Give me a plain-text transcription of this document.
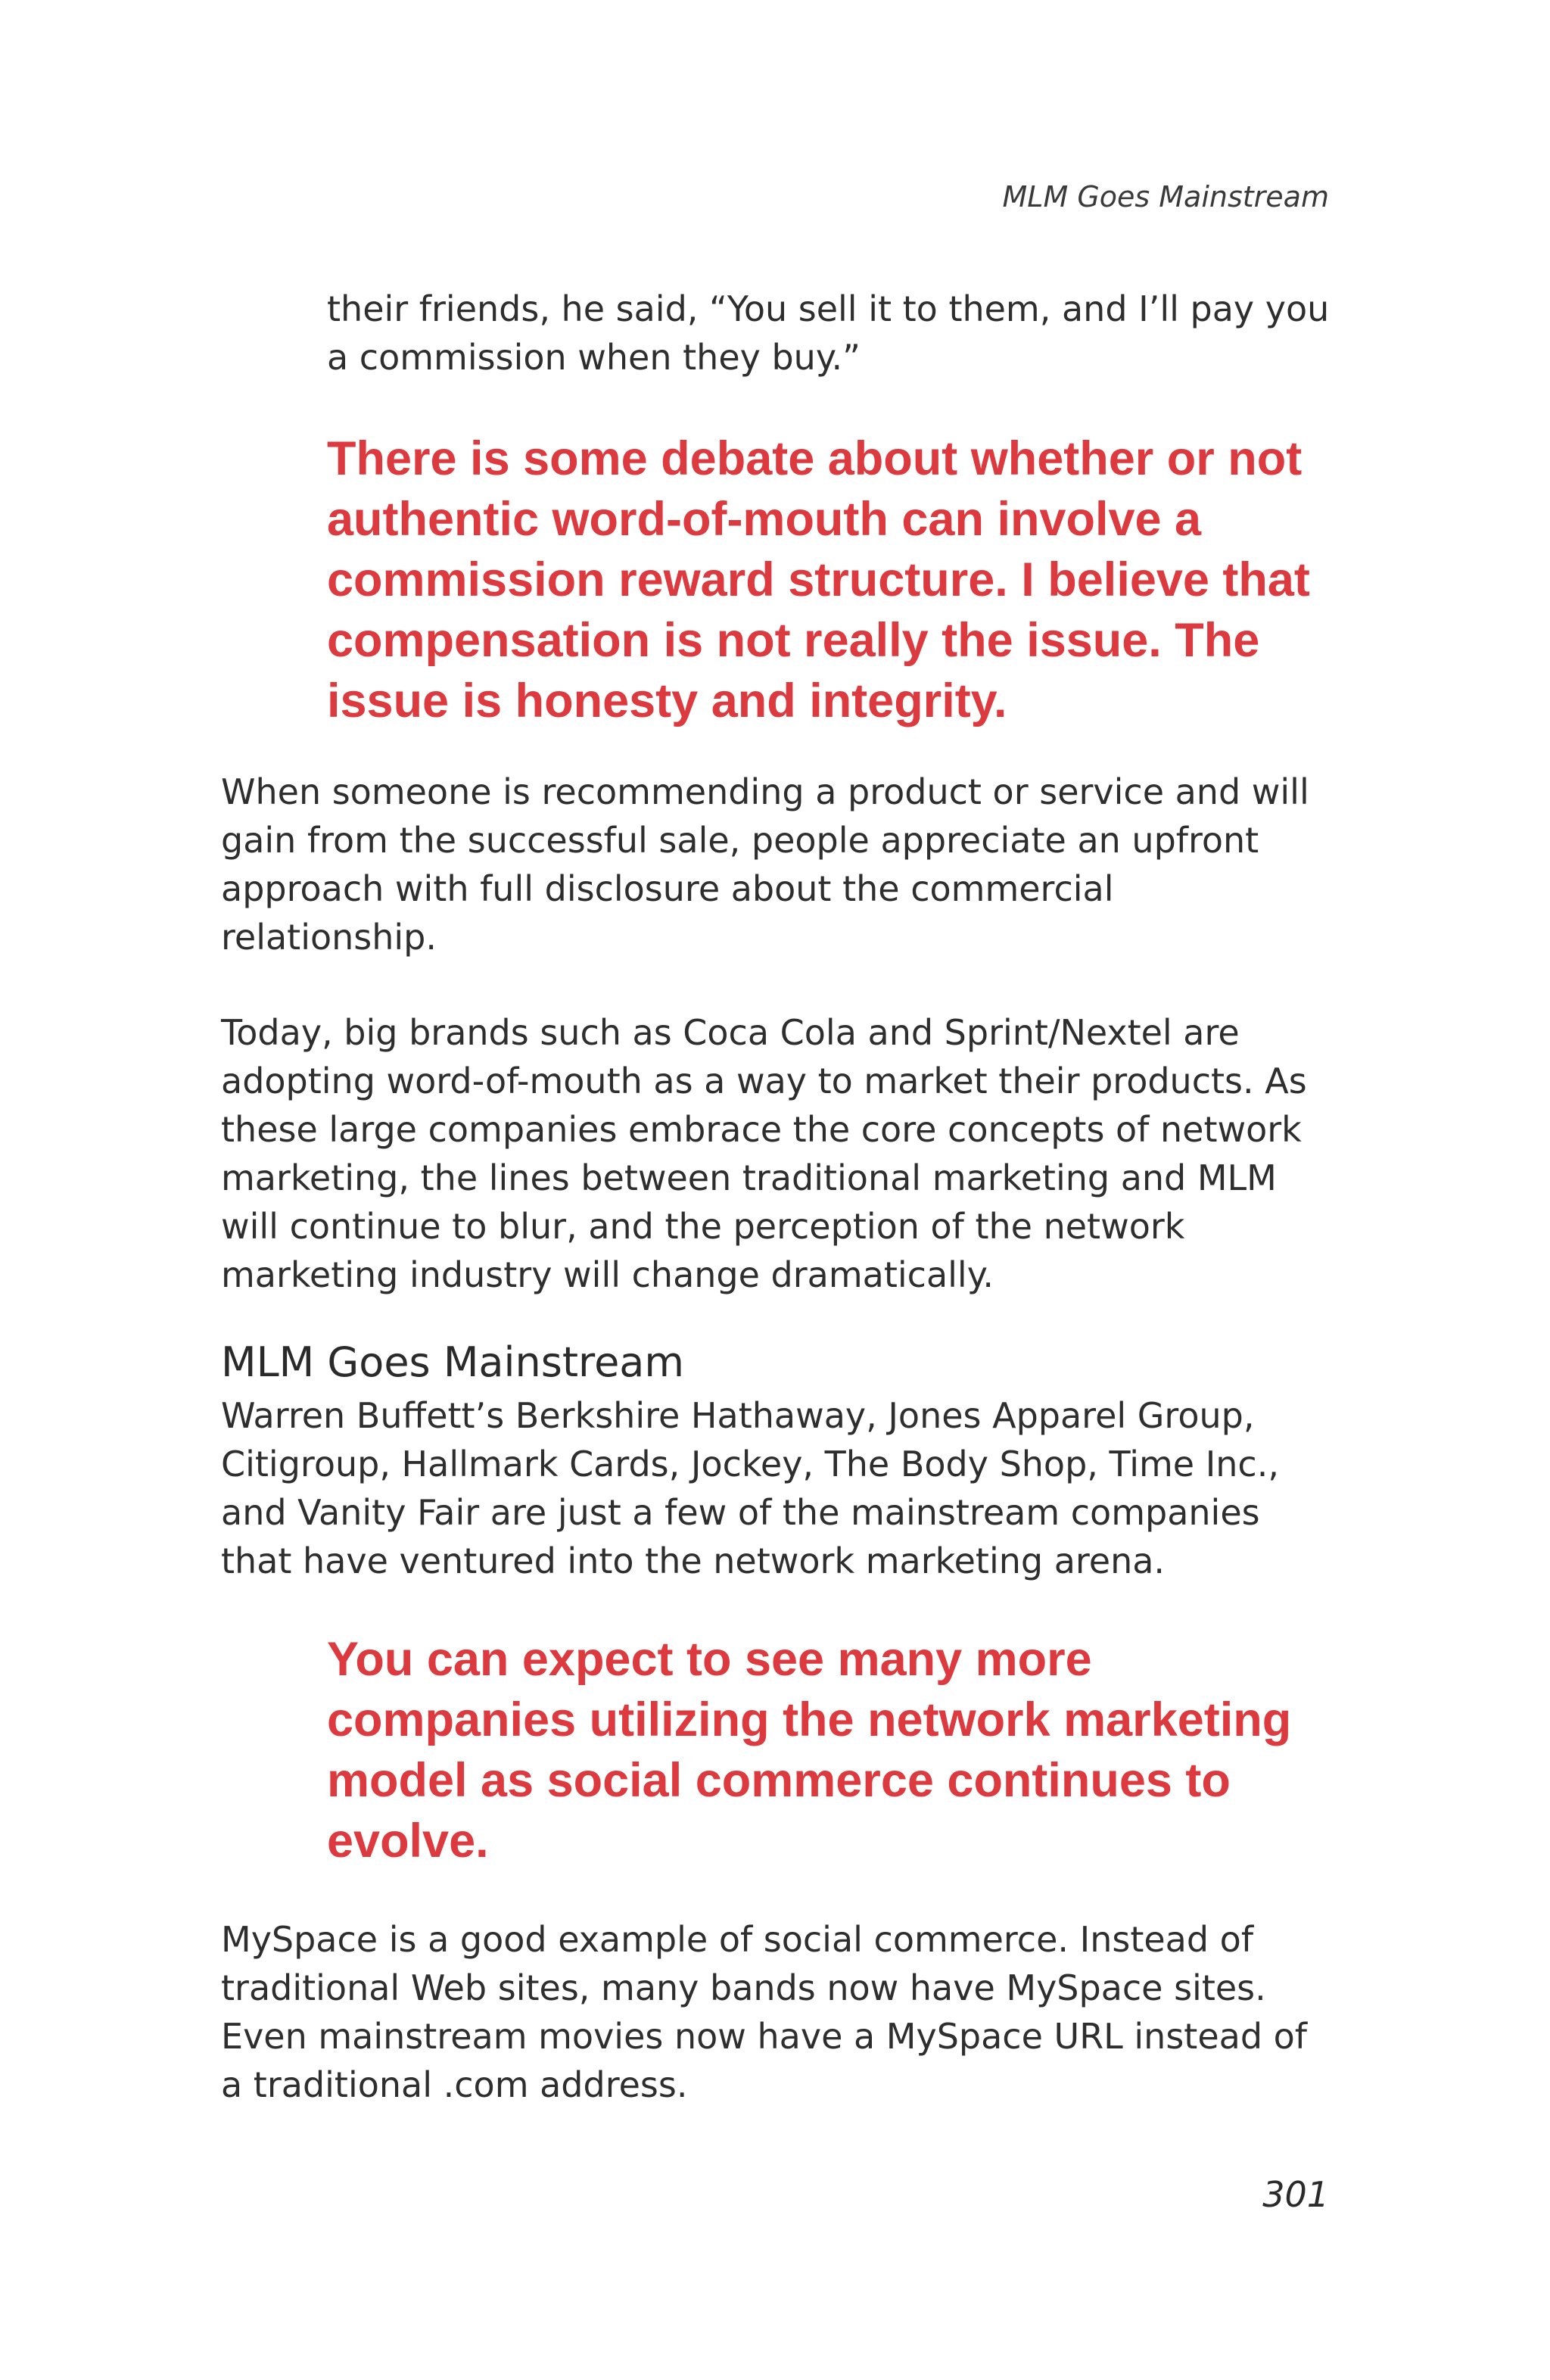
MLM Goes Mainstream

their friends, he said, “You sell it to them, and I’ll pay you a commission when they buy.”

There is some debate about whether or not authentic word-of-mouth can involve a commission reward structure. I believe that compensation is not really the issue. The issue is honesty and integrity.

When someone is recommending a product or service and will gain from the successful sale, people appreciate an upfront approach with full disclosure about the commercial relationship.

Today, big brands such as Coca Cola and Sprint/Nextel are adopting word-of-mouth as a way to market their products. As these large companies embrace the core concepts of network marketing, the lines between traditional marketing and MLM will continue to blur, and the perception of the network marketing industry will change dramatically.

MLM Goes Mainstream

Warren Buffett’s Berkshire Hathaway, Jones Apparel Group, Citigroup, Hallmark Cards, Jockey, The Body Shop, Time Inc., and Vanity Fair are just a few of the mainstream companies that have ventured into the network marketing arena.

You can expect to see many more companies utilizing the network marketing model as social commerce continues to evolve.

MySpace is a good example of social commerce. Instead of traditional Web sites, many bands now have MySpace sites. Even mainstream movies now have a MySpace URL instead of a traditional .com address.

301
